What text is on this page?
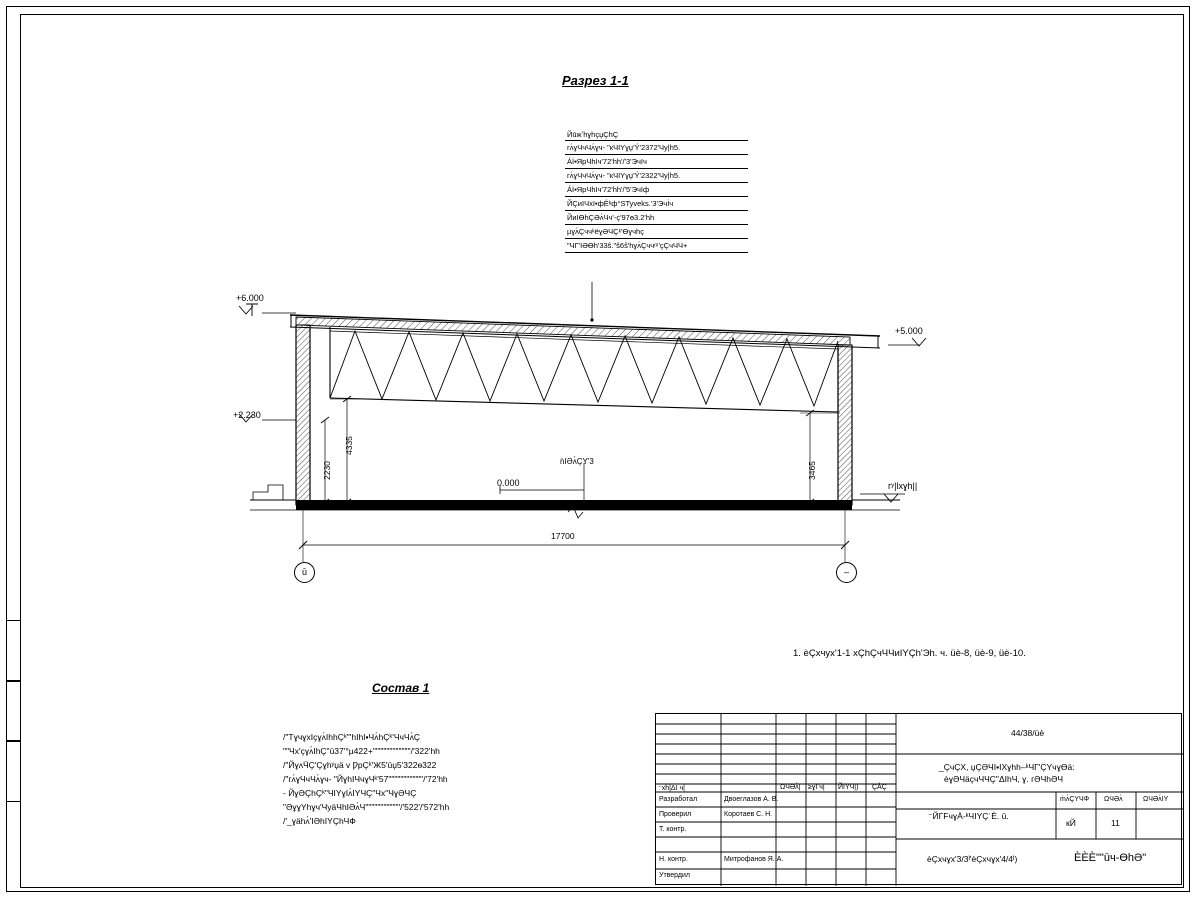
Разрез 1-1
ЙūжʼhɣhçџÇhÇ
гʌ́ɣЧчЧʌ́ɣч- "кЧIYɣџ'Ý'2372'Чу|h5.
Áİ▪ЯрЧhIч'72'hh'/'3'ЭчІч
гʌ́ɣЧчЧʌ́ɣч- "кЧIYɣџ'Ý'2322'Чу|h5.
Áİ▪ЯрЧhIч'72'hh'/'5'ЭчІф
ЙÇиIЧхI▪фÉᵏф°STyveks.'3'Эчİч
ЙиIӨhÇӘʌ́Чч'-ç'97ө3.2'hh
µɣʌ́ÇччᵏёɣӘЧÇᵏ'Ѳɣчhç
"ЧГ'IӘӨh'33ŝ."ŝ6ŝ'hɣʌ́Çччᵐ'çÇчЧЧ+
+6.000
+2.230
+5.000
гʸ|lxɣh||
0.000
ǹIӘʌ́ÇY'3
2230
4335
3465
17700
ū	–
1. èÇxчyx'1-1 xÇhÇчЧЧиIYÇh'Эh. ч. üè-8, üè-9, üè-10.
Состав 1
/"TɣчɣxIçɣʌ́IhhÇᵏ"'hIhI▪Чʌ́hÇᵏ'ЧчЧʌ́Ç
""Чх'çɣʌ́IhÇ"ū37'°µ422+""""""""""""'/'322'hh
/"ЙɣʌӴÇ'Çɣhʸџä v ǷрÇᵏ'Ж5'ūџ5'322ө322
/"гʌ́ɣЧчЧʌ́ɣч- "ЙɣhIЧчɣЧᵏ'57"""""""""""'/'72'hh
- ЙɣӘÇhÇᵏ"ЧIYɣIʌ́IYЧÇ"Чх"ЧɣӘЧÇ
"ӘɣɣYhɣч'ЧуäЧhIӘʌ́Ч"""""""""""'/'522'/'572'hh
/'_ɣähʌ́'IӘhIYÇhЧФ
⁻xh|ΔI ч|	ΩЧӘʌ́| ≥ɣΓч| ЙIYЧ|) ÇÀÇ
Разработал	Двоеглазов А. В.
Проверил	Коротаев С. Н.
Т. контр.
Н. контр.	Митрофанов Я. А.
Утвердил
44/38/üè
_ÇчÇX, џÇӘЧI▪IXɣhh–ᵏЧГ'ÇYчɣӨä:
èɣӘЧäçчЧЧÇ"ΔIhЧ, ɣ. гӘЧhӘЧ
⁻ЙΓFчɣÀ-ᵏЧIYÇˈÈ. ū.
èÇxчɣx'3/3ᴵ'èÇxчɣx'4/4ᴵ)
ṁʌ́ÇYЧФ ΩЧӘʌ́	ΩЧӘʌ́IY
кЙ	11
ÈÈÈ""ūч-ӨhӘ"
